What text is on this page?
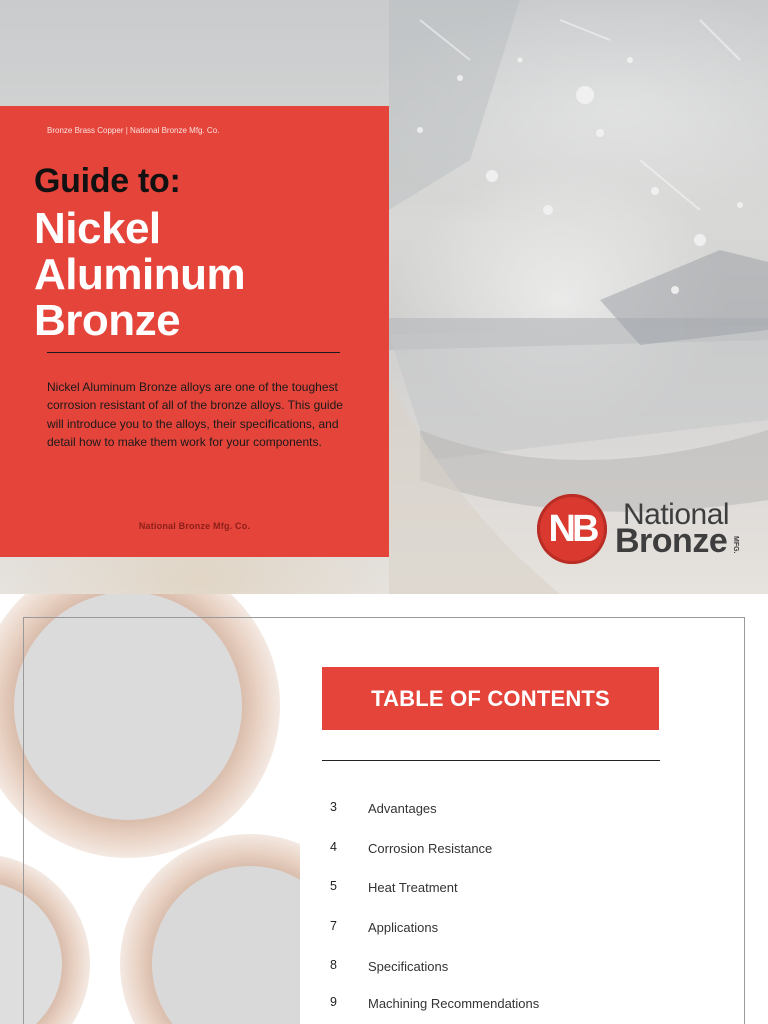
Bronze Brass Copper | National Bronze Mfg. Co.
Guide to:
Nickel
Aluminum
Bronze
Nickel Aluminum Bronze alloys are one of the toughest corrosion resistant of all of the bronze alloys. This guide will introduce you to the alloys, their specifications, and detail how to make them work for your components.
National Bronze Mfg. Co.	NB National
Bronze MFG.
TABLE OF CONTENTS
3 Advantages
4 Corrosion Resistance
5 Heat Treatment
7 Applications
8 Specifications
9 Machining Recommendations
